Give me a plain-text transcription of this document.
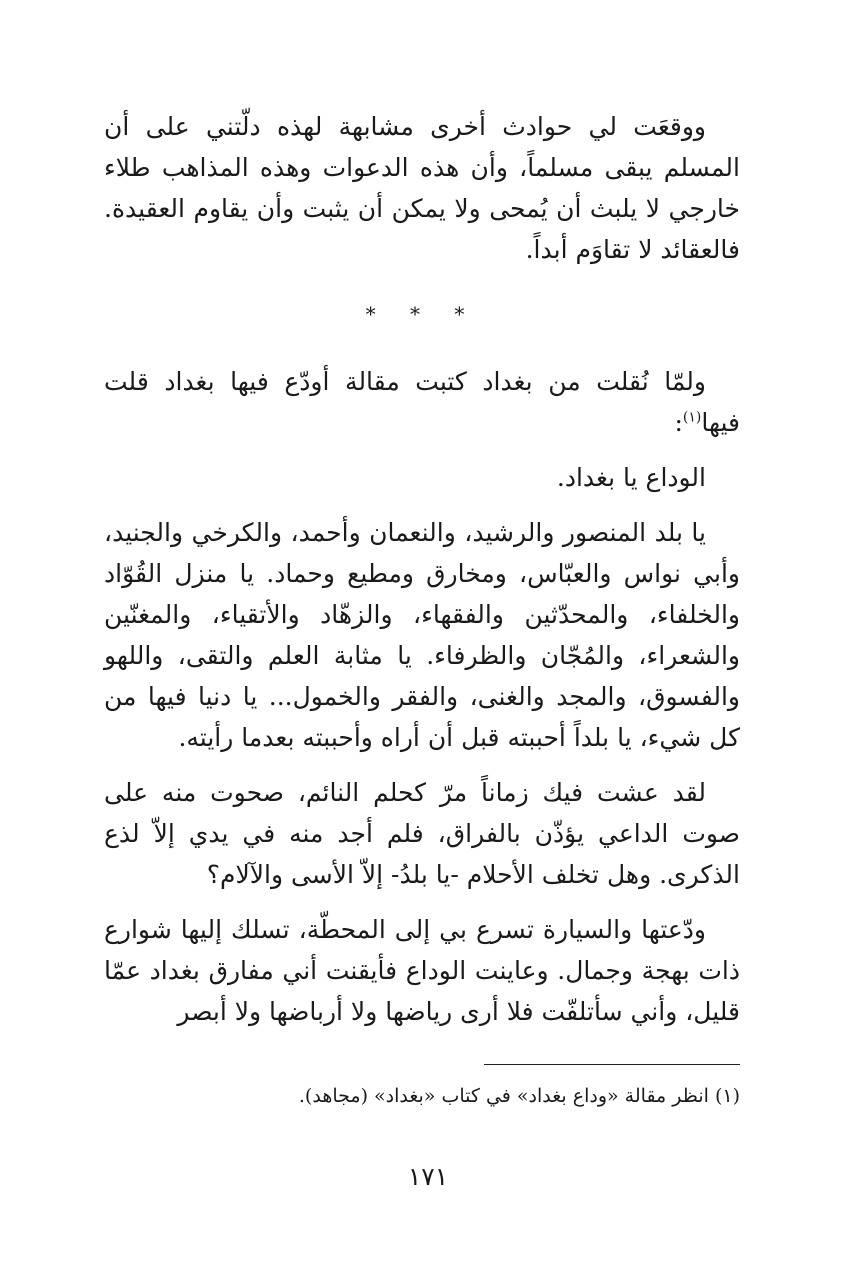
ووقعَت لي حوادث أخرى مشابهة لهذه دلّتني على أن المسلم يبقى مسلماً، وأن هذه الدعوات وهذه المذاهب طلاء خارجي لا يلبث أن يُمحى ولا يمكن أن يثبت وأن يقاوم العقيدة. فالعقائد لا تقاوَم أبداً.

* * *

ولمّا نُقلت من بغداد كتبت مقالة أودّع فيها بغداد قلت فيها$^{(١)}$:

الوداع يا بغداد.

يا بلد المنصور والرشيد، والنعمان وأحمد، والكرخي والجنيد، وأبي نواس والعبّاس، ومخارق ومطيع وحماد. يا منزل القُوّاد والخلفاء، والمحدّثين والفقهاء، والزهّاد والأتقياء، والمغنّين والشعراء، والمُجّان والظرفاء. يا مثابة العلم والتقى، واللهو والفسوق، والمجد والغنى، والفقر والخمول... يا دنيا فيها من كل شيء، يا بلداً أحببته قبل أن أراه وأحببته بعدما رأيته.

لقد عشت فيك زماناً مرّ كحلم النائم، صحوت منه على صوت الداعي يؤذّن بالفراق، فلم أجد منه في يدي إلاّ لذع الذكرى. وهل تخلف الأحلام -يا بلدُ- إلاّ الأسى والآلام؟

ودّعتها والسيارة تسرع بي إلى المحطّة، تسلك إليها شوارع ذات بهجة وجمال. وعاينت الوداع فأيقنت أني مفارق بغداد عمّا قليل، وأني سأتلفّت فلا أرى رياضها ولا أرباضها ولا أبصر

(١) انظر مقالة «وداع بغداد» في كتاب «بغداد» (مجاهد).

١٧١
